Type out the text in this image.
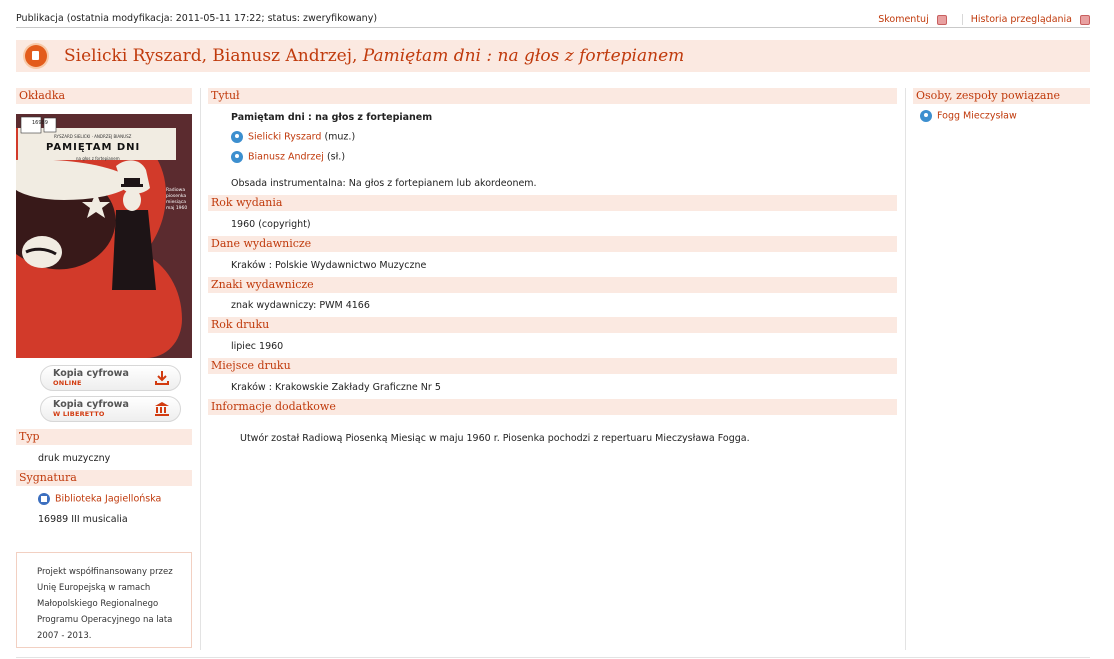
Publikacja (ostatnia modyfikacja: 2011-05-11 17:22; status: zweryfikowany)	Skomentuj
	Historia przeglądania
Sielicki Ryszard, Bianusz Andrzej, Pamiętam dni : na głos z fortepianem
Okładka
16989
RYSZARD SIELICKI · ANDRZEJ BIANUSZ
PAMIĘTAM DNI
na głos z fortepianem
Radiowa piosenka miesiąca maj 1960
Kopia cyfrowa
ONLINE
Kopia cyfrowa
W LIBERETTO
Typ
druk muzyczny
Sygnatura
Biblioteka Jagiellońska
16989 III musicalia
Projekt współfinansowany przez
Unię Europejską w ramach
Małopolskiego Regionalnego
Programu Operacyjnego na lata
2007 - 2013.
Tytuł
Pamiętam dni : na głos z fortepianem
Sielicki Ryszard (muz.)
Bianusz Andrzej (sł.)
Obsada instrumentalna: Na głos z fortepianem lub akordeonem.
Rok wydania
1960 (copyright)
Dane wydawnicze
Kraków : Polskie Wydawnictwo Muzyczne
Znaki wydawnicze
znak wydawniczy: PWM 4166
Rok druku
lipiec 1960
Miejsce druku
Kraków : Krakowskie Zakłady Graficzne Nr 5
Informacje dodatkowe
Utwór został Radiową Piosenką Miesiąc w maju 1960 r. Piosenka pochodzi z repertuaru Mieczysława Fogga.
Osoby, zespoły powiązane
Fogg Mieczysław
